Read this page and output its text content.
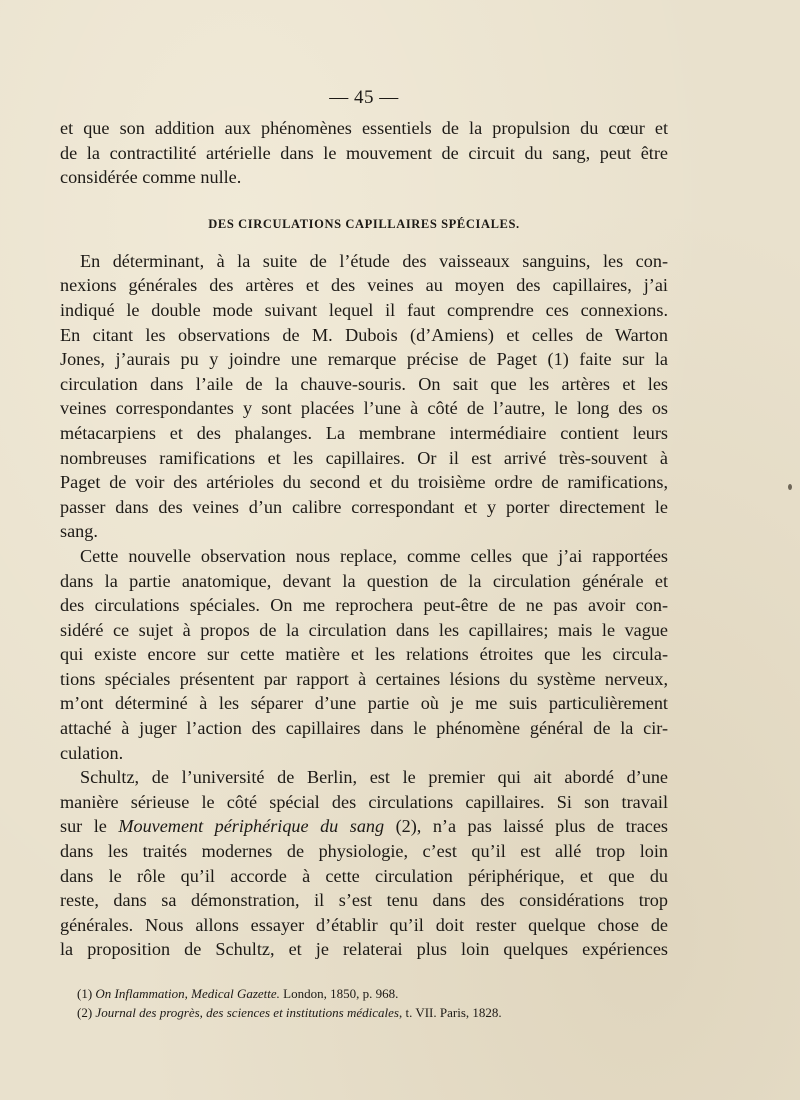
— 45 —

et que son addition aux phénomènes essentiels de la propulsion du cœur et
de la contractilité artérielle dans le mouvement de circuit du sang, peut être
considérée comme nulle.

DES CIRCULATIONS CAPILLAIRES SPÉCIALES.

En déterminant, à la suite de l’étude des vaisseaux sanguins, les con-
nexions générales des artères et des veines au moyen des capillaires, j’ai
indiqué le double mode suivant lequel il faut comprendre ces connexions.
En citant les observations de M. Dubois (d’Amiens) et celles de Warton
Jones, j’aurais pu y joindre une remarque précise de Paget (1) faite sur la
circulation dans l’aile de la chauve-souris. On sait que les artères et les
veines correspondantes y sont placées l’une à côté de l’autre, le long des os
métacarpiens et des phalanges. La membrane intermédiaire contient leurs
nombreuses ramifications et les capillaires. Or il est arrivé très-souvent à
Paget de voir des artérioles du second et du troisième ordre de ramifications,
passer dans des veines d’un calibre correspondant et y porter directement le
sang.

Cette nouvelle observation nous replace, comme celles que j’ai rapportées
dans la partie anatomique, devant la question de la circulation générale et
des circulations spéciales. On me reprochera peut-être de ne pas avoir con-
sidéré ce sujet à propos de la circulation dans les capillaires; mais le vague
qui existe encore sur cette matière et les relations étroites que les circula-
tions spéciales présentent par rapport à certaines lésions du système nerveux,
m’ont déterminé à les séparer d’une partie où je me suis particulièrement
attaché à juger l’action des capillaires dans le phénomène général de la cir-
culation.

Schultz, de l’université de Berlin, est le premier qui ait abordé d’une
manière sérieuse le côté spécial des circulations capillaires. Si son travail
sur le Mouvement périphérique du sang (2), n’a pas laissé plus de traces
dans les traités modernes de physiologie, c’est qu’il est allé trop loin
dans le rôle qu’il accorde à cette circulation périphérique, et que du
reste, dans sa démonstration, il s’est tenu dans des considérations trop
générales. Nous allons essayer d’établir qu’il doit rester quelque chose de
la proposition de Schultz, et je relaterai plus loin quelques expériences

(1) On Inflammation, Medical Gazette. London, 1850, p. 968.
(2) Journal des progrès, des sciences et institutions médicales, t. VII. Paris, 1828.
